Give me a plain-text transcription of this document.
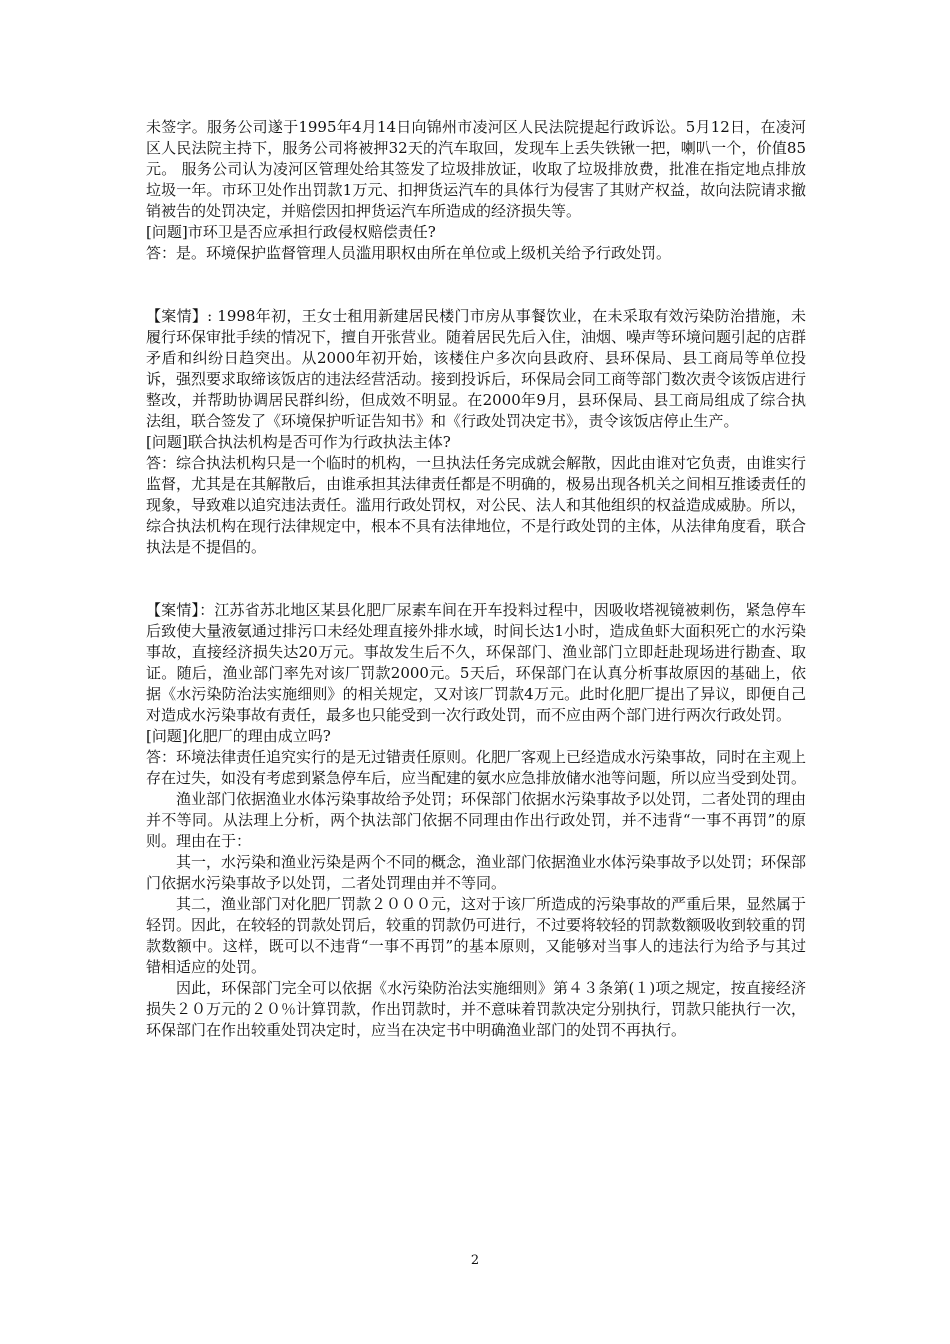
未签字。服务公司遂于1995年4月14日向锦州市凌河区人民法院提起行政诉讼。5月12日，在凌河区人民法院主持下，服务公司将被押32天的汽车取回，发现车上丢失铁锹一把，喇叭一个，价值85元。 服务公司认为凌河区管理处给其签发了垃圾排放证，收取了垃圾排放费，批准在指定地点排放垃圾一年。市环卫处作出罚款1万元、扣押货运汽车的具体行为侵害了其财产权益，故向法院请求撤销被告的处罚决定，并赔偿因扣押货运汽车所造成的经济损失等。

[问题]市环卫是否应承担行政侵权赔偿责任?

答：是。环境保护监督管理人员滥用职权由所在单位或上级机关给予行政处罚。

【案情】: 1998年初，王女士租用新建居民楼门市房从事餐饮业，在未采取有效污染防治措施，未履行环保审批手续的情况下，擅自开张营业。随着居民先后入住，油烟、噪声等环境问题引起的店群矛盾和纠纷日趋突出。从2000年初开始，该楼住户多次向县政府、县环保局、县工商局等单位投诉，强烈要求取缔该饭店的违法经营活动。接到投诉后，环保局会同工商等部门数次责令该饭店进行整改，并帮助协调居民群纠纷，但成效不明显。在2000年9月，县环保局、县工商局组成了综合执法组，联合签发了《环境保护听证告知书》和《行政处罚决定书》，责令该饭店停止生产。

[问题]联合执法机构是否可作为行政执法主体?

答：综合执法机构只是一个临时的机构，一旦执法任务完成就会解散，因此由谁对它负责，由谁实行监督，尤其是在其解散后，由谁承担其法律责任都是不明确的，极易出现各机关之间相互推诿责任的现象，导致难以追究违法责任。滥用行政处罚权，对公民、法人和其他组织的权益造成威胁。所以，综合执法机构在现行法律规定中，根本不具有法律地位，不是行政处罚的主体，从法律角度看，联合执法是不提倡的。

【案情】：江苏省苏北地区某县化肥厂尿素车间在开车投料过程中，因吸收塔视镜被刺伤，紧急停车后致使大量液氨通过排污口未经处理直接外排水域，时间长达1小时，造成鱼虾大面积死亡的水污染事故，直接经济损失达20万元。事故发生后不久，环保部门、渔业部门立即赶赴现场进行勘查、取证。随后，渔业部门率先对该厂罚款2000元。5天后，环保部门在认真分析事故原因的基础上，依据《水污染防治法实施细则》的相关规定，又对该厂罚款4万元。此时化肥厂提出了异议，即便自己对造成水污染事故有责任，最多也只能受到一次行政处罚，而不应由两个部门进行两次行政处罚。

[问题]化肥厂的理由成立吗?

答：环境法律责任追究实行的是无过错责任原则。化肥厂客观上已经造成水污染事故，同时在主观上存在过失，如没有考虑到紧急停车后，应当配建的氨水应急排放储水池等问题，所以应当受到处罚。

渔业部门依据渔业水体污染事故给予处罚；环保部门依据水污染事故予以处罚，二者处罚的理由并不等同。从法理上分析，两个执法部门依据不同理由作出行政处罚，并不违背“一事不再罚”的原则。理由在于：

其一，水污染和渔业污染是两个不同的概念，渔业部门依据渔业水体污染事故予以处罚；环保部门依据水污染事故予以处罚，二者处罚理由并不等同。

其二，渔业部门对化肥厂罚款２０００元，这对于该厂所造成的污染事故的严重后果，显然属于轻罚。因此，在较轻的罚款处罚后，较重的罚款仍可进行，不过要将较轻的罚款数额吸收到较重的罚款数额中。这样，既可以不违背“一事不再罚”的基本原则，又能够对当事人的违法行为给予与其过错相适应的处罚。

因此，环保部门完全可以依据《水污染防治法实施细则》第４３条第(１)项之规定，按直接经济损失２０万元的２０％计算罚款，作出罚款时，并不意味着罚款决定分别执行，罚款只能执行一次，环保部门在作出较重处罚决定时，应当在决定书中明确渔业部门的处罚不再执行。

2
